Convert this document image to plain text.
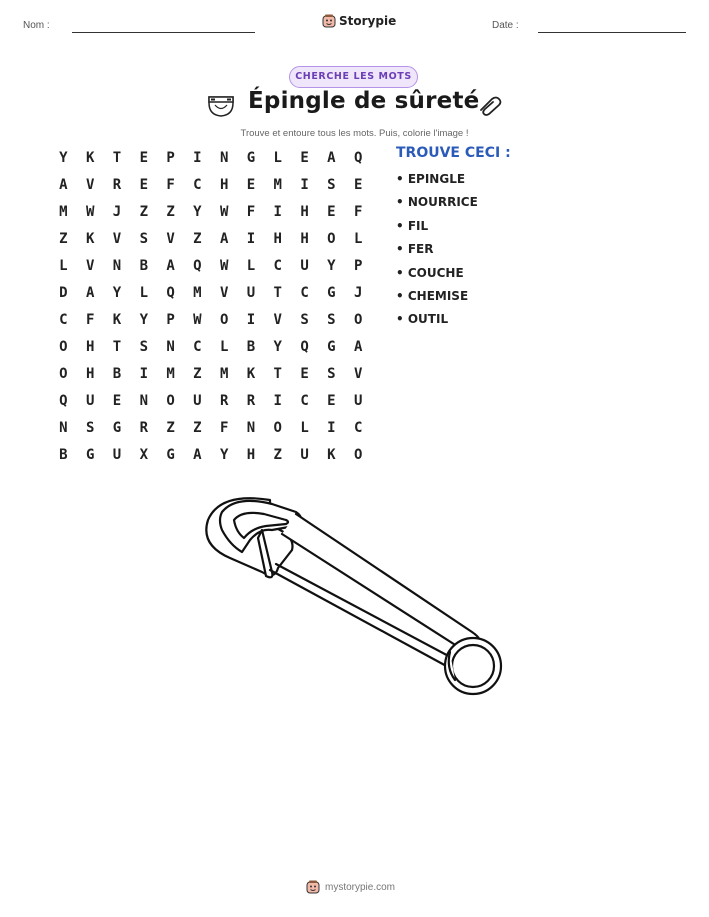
Nom :	Storypie	Date :
CHERCHE LES MOTS
Épingle de sûreté
Trouve et entoure tous les mots. Puis, colorie l'image !
Y	K	T	E	P	I	N	G	L	E	A	Q
A	V	R	E	F	C	H	E	M	I	S	E
M	W	J	Z	Z	Y	W	F	I	H	E	F
Z	K	V	S	V	Z	A	I	H	H	O	L
L	V	N	B	A	Q	W	L	C	U	Y	P
D	A	Y	L	Q	M	V	U	T	C	G	J
C	F	K	Y	P	W	O	I	V	S	S	O
O	H	T	S	N	C	L	B	Y	Q	G	A
O	H	B	I	M	Z	M	K	T	E	S	V
Q	U	E	N	O	U	R	R	I	C	E	U
N	S	G	R	Z	Z	F	N	O	L	I	C
B	G	U	X	G	A	Y	H	Z	U	K	O
TROUVE CECI :
• EPINGLE
• NOURRICE
• FIL
• FER
• COUCHE
• CHEMISE
• OUTIL
mystorypie.com
